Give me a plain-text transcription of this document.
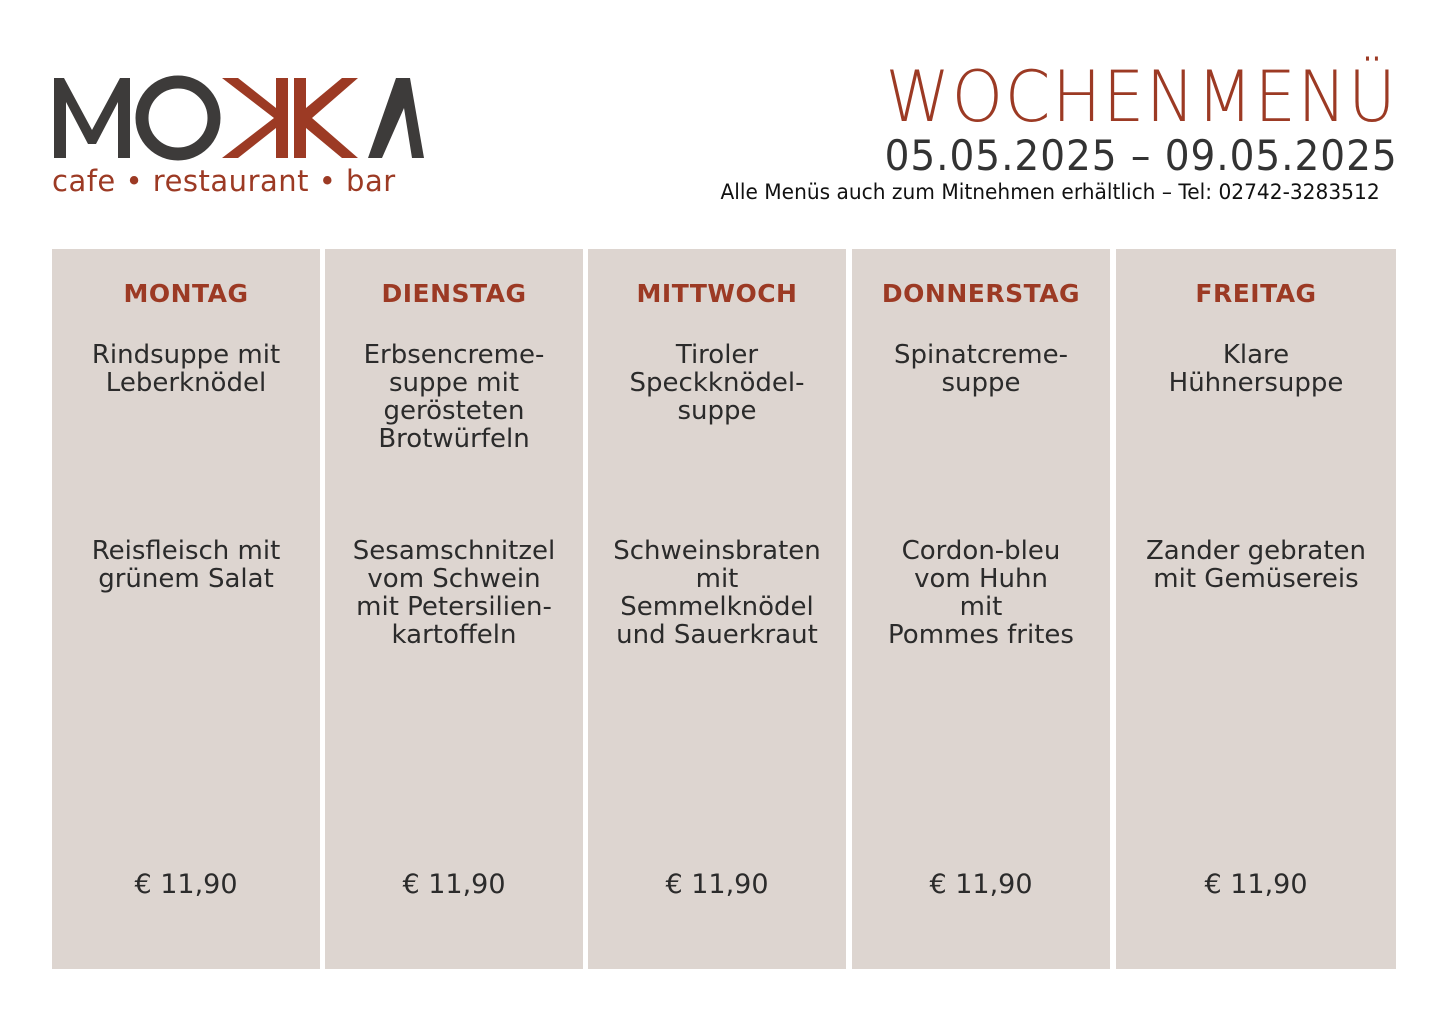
cafe • restaurant • bar
WOCHENMENÜ
05.05.2025 – 09.05.2025
Alle Menüs auch zum Mitnehmen erhältlich – Tel: 02742-3283512
MONTAG
Rindsuppe mit
Leberknödel
Reisfleisch mit
grünem Salat
€ 11,90
DIENSTAG
Erbsencreme-
suppe mit
gerösteten
Brotwürfeln
Sesamschnitzel
vom Schwein
mit Petersilien-
kartoffeln
€ 11,90
MITTWOCH
Tiroler
Speckknödel-
suppe
Schweinsbraten
mit
Semmelknödel
und Sauerkraut
€ 11,90
DONNERSTAG
Spinatcreme-
suppe
Cordon-bleu
vom Huhn
mit
Pommes frites
€ 11,90
FREITAG
Klare
Hühnersuppe
Zander gebraten
mit Gemüsereis
€ 11,90
